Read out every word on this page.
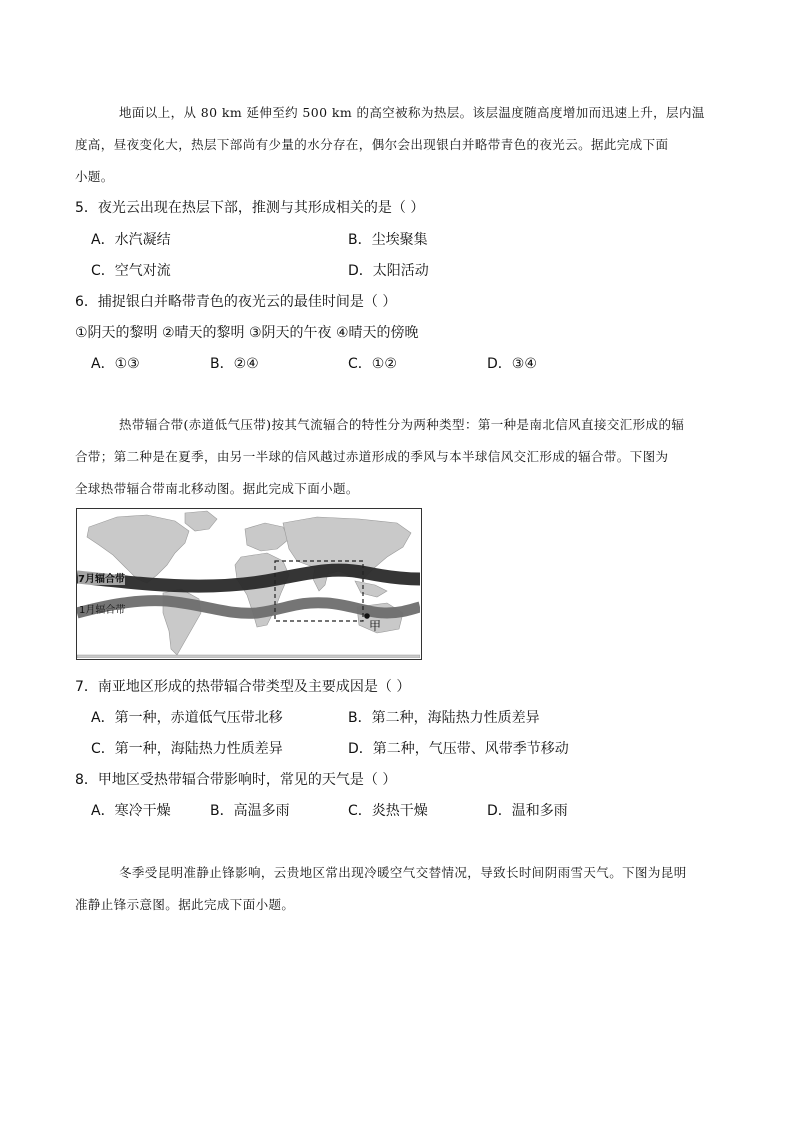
地面以上，从 80 km 延伸至约 500 km 的高空被称为热层。该层温度随高度增加而迅速上升，层内温
度高，昼夜变化大，热层下部尚有少量的水分存在，偶尔会出现银白并略带青色的夜光云。据此完成下面
小题。
5．夜光云出现在热层下部，推测与其形成相关的是（ ）
A．水汽凝结	B．尘埃聚集
C．空气对流	D．太阳活动
6．捕捉银白并略带青色的夜光云的最佳时间是（ ）
①阴天的黎明 ②晴天的黎明 ③阴天的午夜 ④晴天的傍晚
A．①③	B．②④	C．①②	D．③④
热带辐合带(赤道低气压带)按其气流辐合的特性分为两种类型：第一种是南北信风直接交汇形成的辐
合带；第二种是在夏季，由另一半球的信风越过赤道形成的季风与本半球信风交汇形成的辐合带。下图为
全球热带辐合带南北移动图。据此完成下面小题。
7月辐合带
1月辐合带
甲
7．南亚地区形成的热带辐合带类型及主要成因是（ ）
A．第一种，赤道低气压带北移	B．第二种，海陆热力性质差异
C．第一种，海陆热力性质差异	D．第二种，气压带、风带季节移动
8．甲地区受热带辐合带影响时，常见的天气是（ ）
A．寒冷干燥	B．高温多雨	C．炎热干燥	D．温和多雨
冬季受昆明准静止锋影响，云贵地区常出现冷暖空气交替情况，导致长时间阴雨雪天气。下图为昆明
准静止锋示意图。据此完成下面小题。
